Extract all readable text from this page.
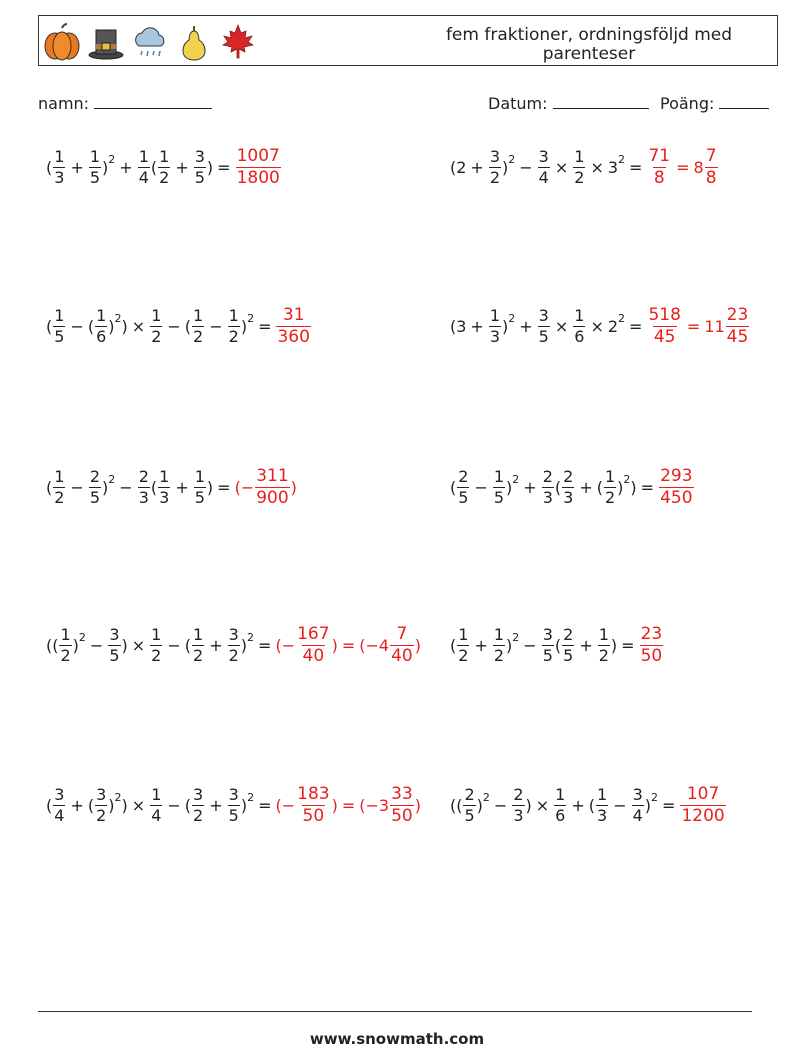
fem fraktioner, ordningsföljd med parenteser
namn:	Datum:	Poäng:
( $\frac{1}{3} + \frac{1}{5}$ ) $2 + \frac{1}{4}$ ( $\frac{1}{2} + \frac{3}{5}$ ) = $\frac{1007}{1800}$	($2 + \frac{3}{2}$ ) $2 - \frac{3}{4} \times \frac{1}{2} \times 3$ $2 = \frac{71}{8} = 8 \frac{7}{8}$
( $\frac{1}{5}$ − ( $\frac{1}{6}$ ) 2 ) × $\frac{1}{2}$ − ( $\frac{1}{2} - \frac{1}{2}$ ) $2 = \frac{31}{360}$	($3 + \frac{1}{3}$ ) $2 + \frac{3}{5} \times \frac{1}{6} \times 2$ $2 = \frac{518}{45} = 11 \frac{23}{45}$
( $\frac{1}{2} - \frac{2}{5}$ ) $2 - \frac{2}{3}$ ( $\frac{1}{3} + \frac{1}{5}$ ) = (− $\frac{311}{900}$ )	( $\frac{2}{5} - \frac{1}{5}$ ) $2 + \frac{2}{3}$ ( $\frac{2}{3}$ + ( $\frac{1}{2}$ ) 2 ) = $\frac{293}{450}$
(( $\frac{1}{2}$ ) $2 - \frac{3}{5}$ ) × $\frac{1}{2}$ − ( $\frac{1}{2} + \frac{3}{2}$ ) 2 = (− $\frac{167}{40}$ ) = (− $4 \frac{7}{40}$ ) ( $\frac{1}{2} + \frac{1}{2}$ ) $2 - \frac{3}{5}$ ( $\frac{2}{5} + \frac{1}{2}$ ) = $\frac{23}{50}$
( $\frac{3}{4}$ + ( $\frac{3}{2}$ ) 2 ) × $\frac{1}{4}$ − ( $\frac{3}{2} + \frac{3}{5}$ ) 2 = (− $\frac{183}{50}$ ) = (− $3 \frac{33}{50}$ ) (( $\frac{2}{5}$ ) $2 - \frac{2}{3}$ ) × $\frac{1}{6}$ + ( $\frac{1}{3} - \frac{3}{4}$ ) $2 = \frac{107}{1200}$
www.snowmath.com
